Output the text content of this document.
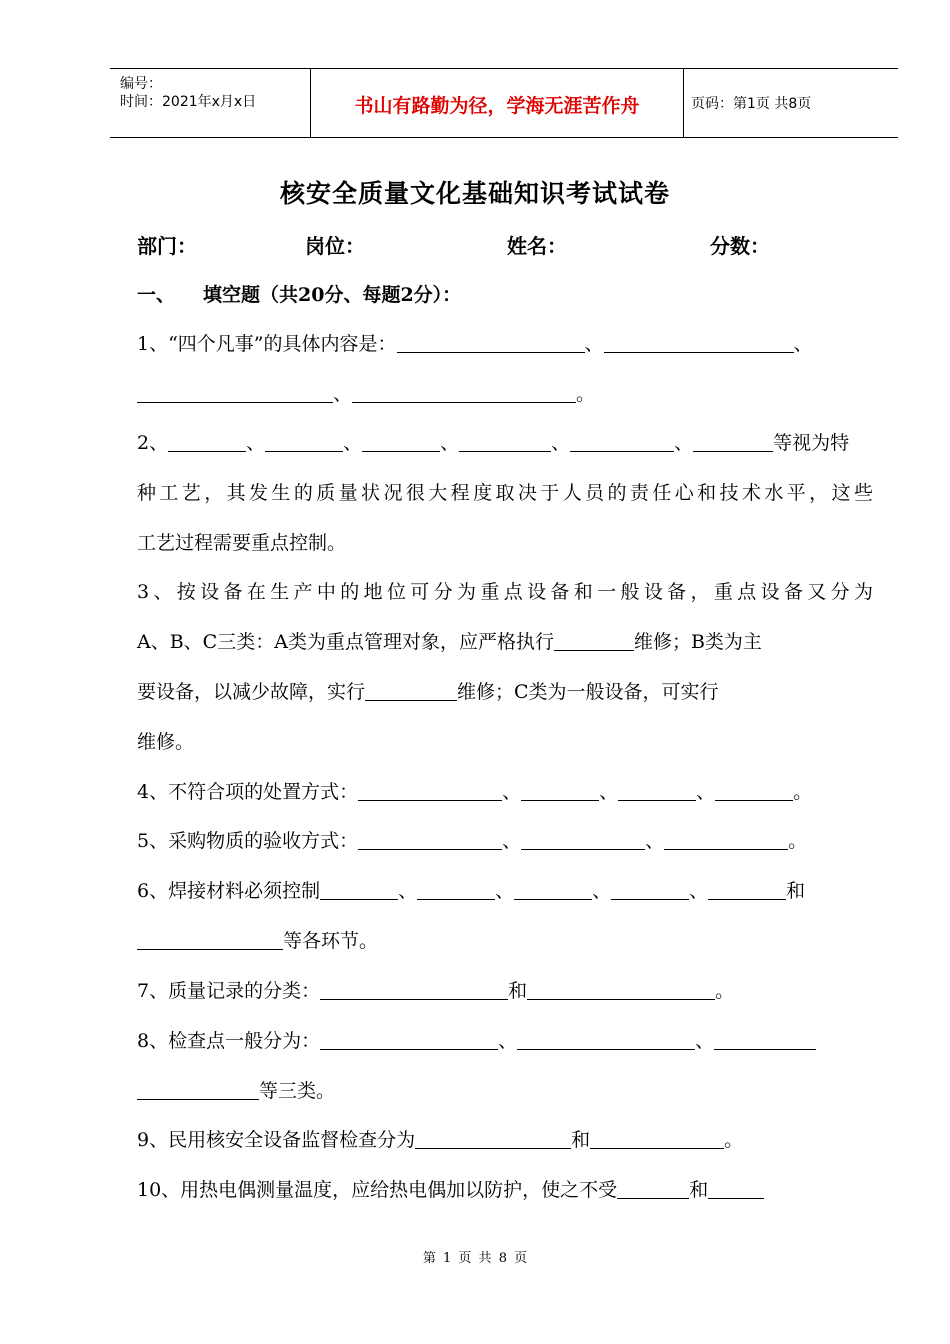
编号：
时间：2021年x月x日	书山有路勤为径，学海无涯苦作舟	页码：第1页 共8页
核安全质量文化基础知识考试试卷
部门：	岗位：	姓名：	分数：
一、 填空题（共20分、每题2分）：
1、“四个凡事”的具体内容是：	、	、
、	。
2、	、	、	、	、	、	等视为特
种工艺，其发生的质量状况很大程度取决于人员的责任心和技术水平，这些
工艺过程需要重点控制。
3、按设备在生产中的地位可分为重点设备和一般设备，重点设备又分为
A、B、C三类：A类为重点管理对象，应严格执行	维修；B类为主
要设备，以减少故障，实行	维修；C类为一般设备，可实行
维修。
4、不符合项的处置方式：	、	、	、	。
5、采购物质的验收方式：	、	、	。
6、焊接材料必须控制	、	、	、	、	和
等各环节。
7、质量记录的分类：	和	。
8、检查点一般分为：	、	、
等三类。
9、民用核安全设备监督检查分为	和	。
10、用热电偶测量温度，应给热电偶加以防护，使之不受	和
第 1 页 共 8 页
